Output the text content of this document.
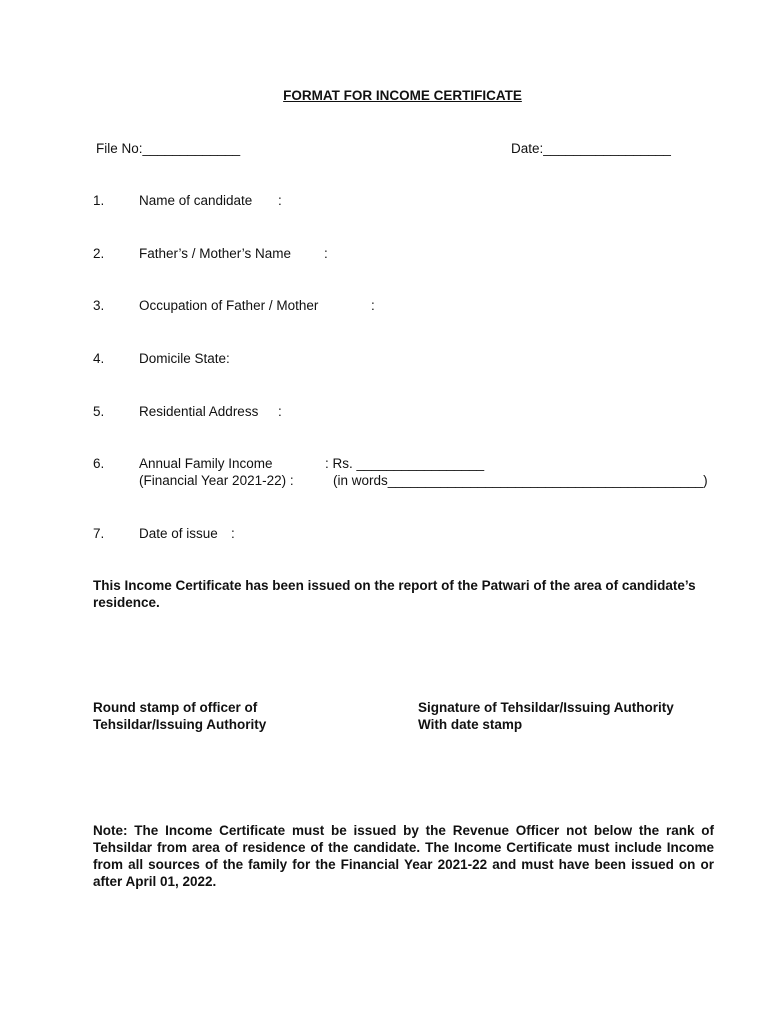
FORMAT FOR INCOME CERTIFICATE
File No:_____________	Date:_________________
1.	Name of candidate :
2.	Father’s / Mother’s Name :
3.	Occupation of Father / Mother	:
4.	Domicile State:
5.	Residential Address :
6.	Annual Family Income	: Rs. _________________
(Financial Year 2021-22) :	(in words__________________________________________)
7.	Date of issue :
This Income Certificate has been issued on the report of the Patwari of the area of candidate’s residence.
Round stamp of officer of
Tehsildar/Issuing Authority
Signature of Tehsildar/Issuing Authority
With date stamp
Note: The Income Certificate must be issued by the Revenue Officer not below the rank of Tehsildar from area of residence of the candidate. The Income Certificate must include Income from all sources of the family for the Financial Year 2021-22 and must have been issued on or after April 01, 2022.
